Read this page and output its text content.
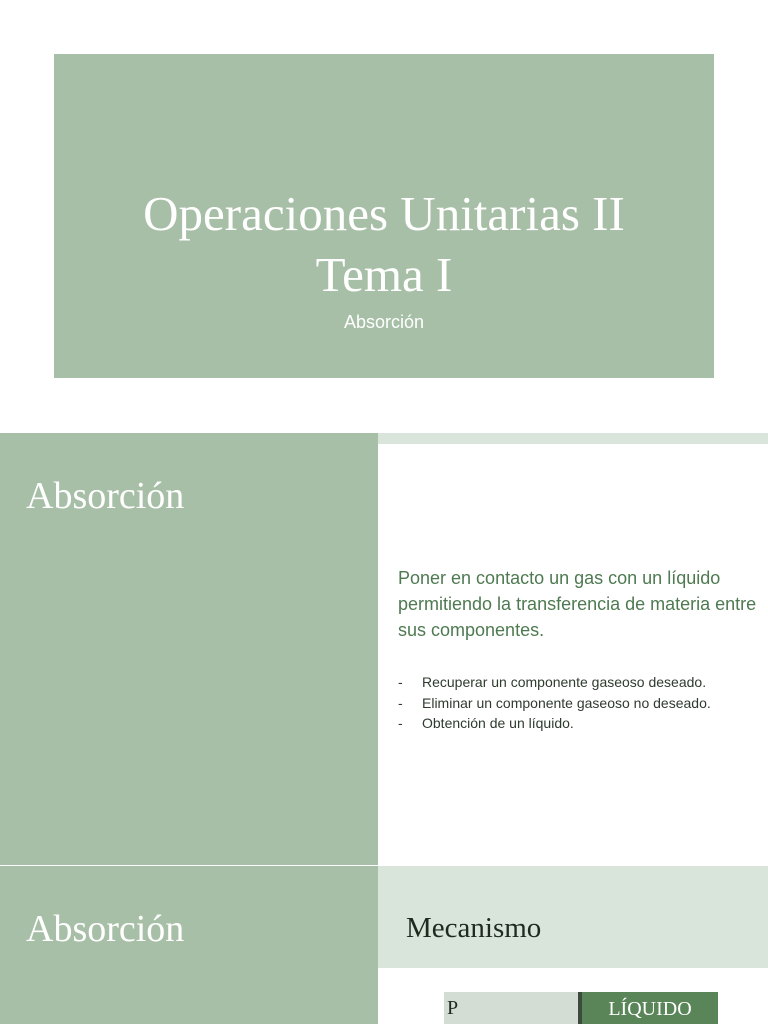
Operaciones Unitarias II
Tema I
Absorción
Ing. Victoria Amengual - victoria.amengual@uner.edu.ar
Absorción
Poner en contacto un gas con un líquido permitiendo la transferencia de materia entre sus componentes.
- Recuperar un componente gaseoso deseado.
- Eliminar un componente gaseoso no deseado.
- Obtención de un líquido.
Absorción	Mecanismo
P	LÍQUIDO
